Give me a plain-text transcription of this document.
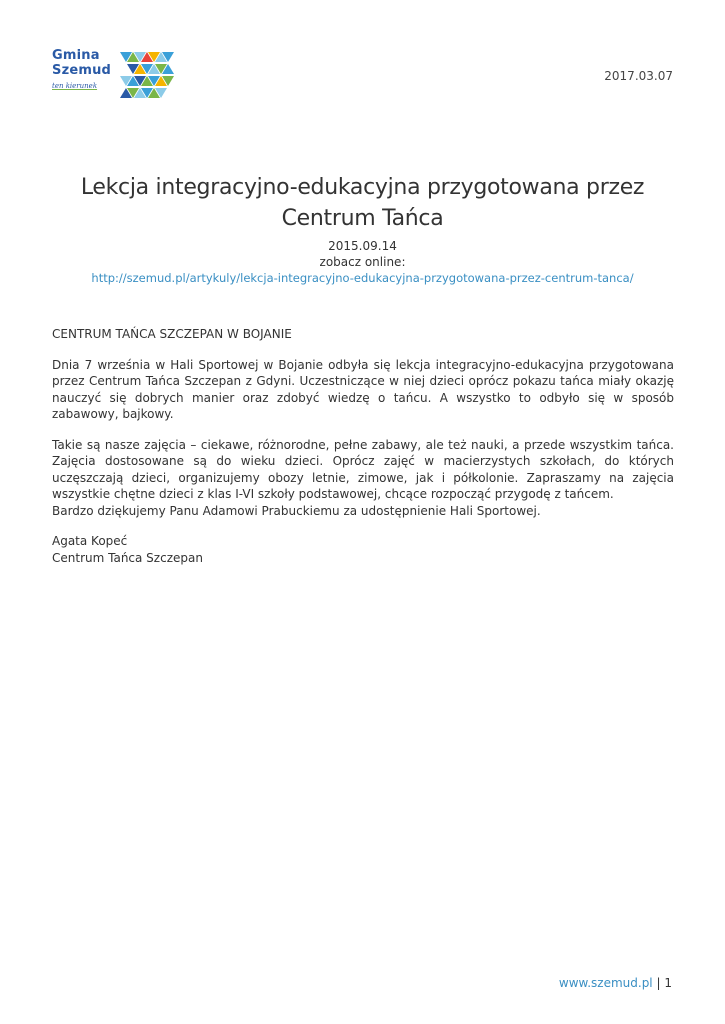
Gmina
Szemud
ten kierunek
2017.03.07
Lekcja integracyjno-edukacyjna przygotowana przez Centrum Tańca
2015.09.14
zobacz online:
http://szemud.pl/artykuly/lekcja-integracyjno-edukacyjna-przygotowana-przez-centrum-tanca/

CENTRUM TAŃCA SZCZEPAN W BOJANIE

Dnia 7 września w Hali Sportowej w Bojanie odbyła się lekcja integracyjno-edukacyjna przygotowana przez Centrum Tańca Szczepan z Gdyni. Uczestniczące w niej dzieci oprócz pokazu tańca miały okazję nauczyć się dobrych manier oraz zdobyć wiedzę o tańcu. A wszystko to odbyło się w sposób zabawowy, bajkowy.

Takie są nasze zajęcia – ciekawe, różnorodne, pełne zabawy, ale też nauki, a przede wszystkim tańca. Zajęcia dostosowane są do wieku dzieci. Oprócz zajęć w macierzystych szkołach, do których uczęszczają dzieci, organizujemy obozy letnie, zimowe, jak i półkolonie. Zapraszamy na zajęcia wszystkie chętne dzieci z klas I-VI szkoły podstawowej, chcące rozpocząć przygodę z tańcem.

Bardzo dziękujemy Panu Adamowi Prabuckiemu za udostępnienie Hali Sportowej.

Agata Kopeć
Centrum Tańca Szczepan

www.szemud.pl | 1
